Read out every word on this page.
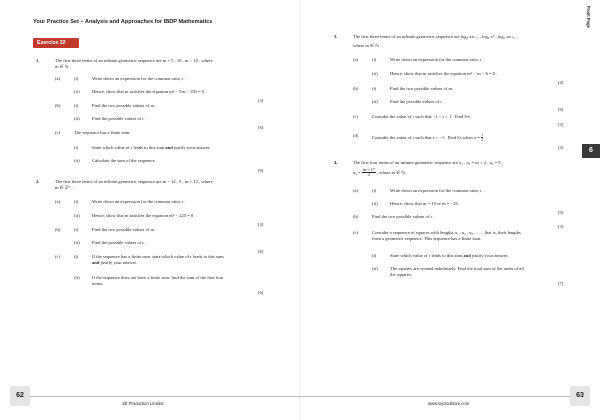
Your Practice Set – Analysis and Approaches for IBDP Mathematics
Exercise 22
1.	The first three terms of an infinite geometric sequence are m + 5 , 10 , m − 10 , where
m ∈ ℕ .
(a)	(i)	Write down an expression for the common ratio, r .
(ii)	Hence, show that m satisfies the equation m² − 5m − 150 = 0 .
[4]
(b)	(i)	Find the two possible values of m .
(ii)	Find the possible values of r .
[6]
(c)	The sequence has a finite sum.
(i)	State which value of r leads to this sum and justify your answer.
(ii)	Calculate the sum of the sequence.
[6]
2.	The first three terms of an infinite geometric sequence are m − 12 , 9 , m + 12 , where
m ∈ ℤ⁺ .
(a)	(i)	Write down an expression for the common ratio, r .
(ii)	Hence, show that m satisfies the equation m² − 225 = 0 .
[4]
(b)	(i)	Find the two possible values of m .
(ii)	Find the possible values of r .
[6]
(c)	(i)	If the sequence has a finite sum, state which value of r leads to this sum
and justify your answer.
(ii)	If the sequence does not have a finite sum, find the sum of the first four
terms.
[6]
62
SE Production Limited
3.	The first three terms of an infinite geometric sequence are log₃ xₘ₋₁ , log₃ x² , log₃ xₘ₊₁ ,
where m ∈ ℕ .
(a)	(i)	Write down an expression for the common ratio, r .
(ii)	Hence, show that m satisfies the equation m² − m − 6 = 0 .
[4]
(b)	(i)	Find the two possible values of m .
(ii)	Find the possible values of r .
[6]
(c)	Consider the value of r such that −1 < r < 1 . Find S∞ .
[2]
(d)	Consider the value of r such that r < −1 . Find Sₙ when $x = \frac{1}{2}$
[4]
4.	The first four terms of an infinite geometric sequence are u₁ , u₂ = m + 2 , u₃ = 9 ,
$u_4 = \frac{m + 17}{4}$ , where m ∈ ℕ .
(a)	(i)	Write down an expression for the common ratio, r .
(ii)	Hence, show that m = 10 or m = −29 .
[5]
(b)	Find the two possible values of r .
[3]
(c)	Consider a sequence of squares with lengths u₁ , u₂ , u₃ , … , that is, their lengths
form a geometric sequence. This sequence has a finite sum.
(i)	State which value of r leads to this sum and justify your answer.
(ii)	The squares are created indefinitely. Find the total sum of the areas of all
the squares.
[7]
www.seprodstore.com
63
Front Page
6
